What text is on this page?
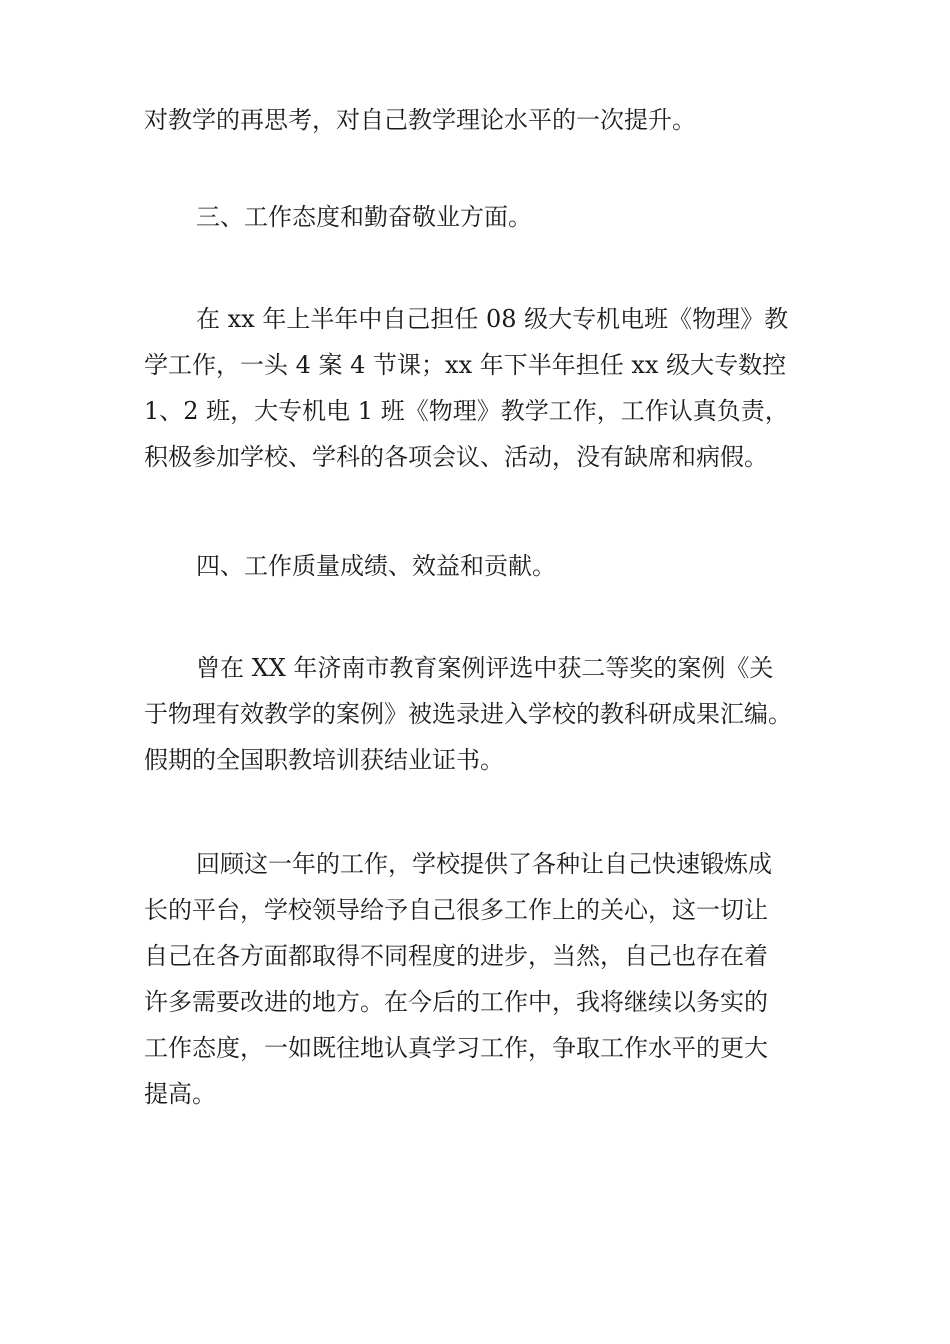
对教学的再思考，对自己教学理论水平的一次提升。

三、工作态度和勤奋敬业方面。

在 xx 年上半年中自己担任 08 级大专机电班《物理》教
学工作，一头 4 案 4 节课；xx 年下半年担任 xx 级大专数控
1、2 班，大专机电 1 班《物理》教学工作，工作认真负责，
积极参加学校、学科的各项会议、活动，没有缺席和病假。

四、工作质量成绩、效益和贡献。

曾在 XX 年济南市教育案例评选中获二等奖的案例《关
于物理有效教学的案例》被选录进入学校的教科研成果汇编。
假期的全国职教培训获结业证书。

回顾这一年的工作，学校提供了各种让自己快速锻炼成
长的平台，学校领导给予自己很多工作上的关心，这一切让
自己在各方面都取得不同程度的进步，当然，自己也存在着
许多需要改进的地方。在今后的工作中，我将继续以务实的
工作态度，一如既往地认真学习工作，争取工作水平的更大
提高。
